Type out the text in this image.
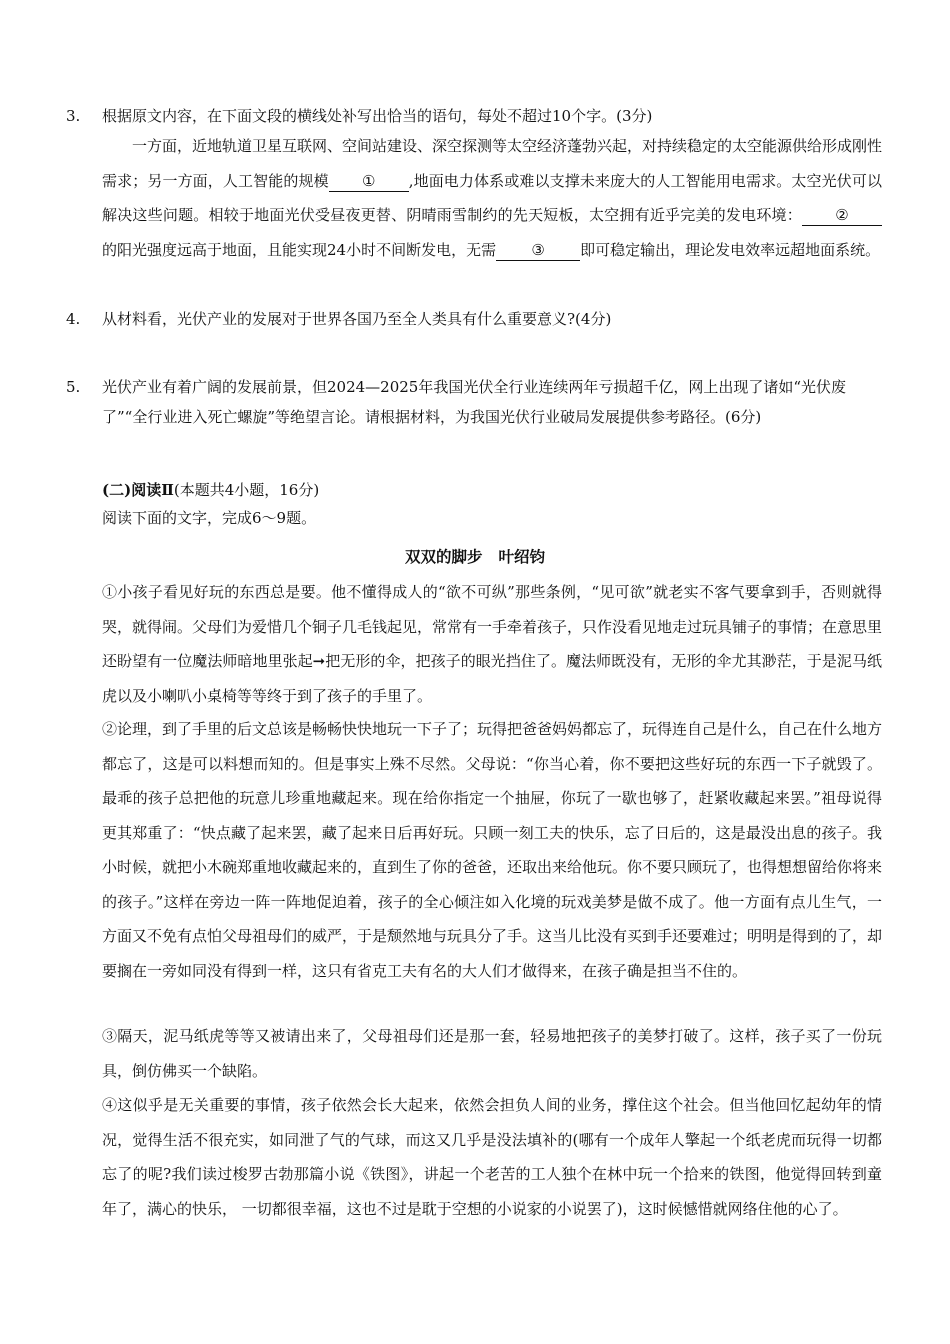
3.	根据原文内容，在下面文段的横线处补写出恰当的语句，每处不超过10个字。(3分)
一方面，近地轨道卫星互联网、空间站建设、深空探测等太空经济蓬勃兴起，对持续稳定的太空能源供给形成刚性需求；另一方面，人工智能的规模 ① ,地面电力体系或难以支撑未来庞大的人工智能用电需求。太空光伏可以解决这些问题。相较于地面光伏受昼夜更替、阴晴雨雪制约的先天短板，太空拥有近乎完美的发电环境： ②的阳光强度远高于地面，且能实现24小时不间断发电，无需 ③ 即可稳定输出，理论发电效率远超地面系统。
4.	从材料看，光伏产业的发展对于世界各国乃至全人类具有什么重要意义?(4分)
5.	光伏产业有着广阔的发展前景，但2024—2025年我国光伏全行业连续两年亏损超千亿，网上出现了诸如“光伏废了”“全行业进入死亡螺旋”等绝望言论。请根据材料，为我国光伏行业破局发展提供参考路径。(6分)
(二)阅读Ⅱ(本题共4小题，16分)
阅读下面的文字，完成6～9题。
双双的脚步 叶绍钧
①小孩子看见好玩的东西总是要。他不懂得成人的“欲不可纵”那些条例，“见可欲”就老实不客气要拿到手，否则就得哭，就得闹。父母们为爱惜几个铜子几毛钱起见，常常有一手牵着孩子，只作没看见地走过玩具铺子的事情；在意思里还盼望有一位魔法师暗地里张起➞把无形的伞，把孩子的眼光挡住了。魔法师既没有，无形的伞尤其渺茫，于是泥马纸虎以及小喇叭小桌椅等等终于到了孩子的手里了。
②论理，到了手里的后文总该是畅畅快快地玩一下子了；玩得把爸爸妈妈都忘了，玩得连自己是什么，自己在什么地方都忘了，这是可以料想而知的。但是事实上殊不尽然。父母说：“你当心着，你不要把这些好玩的东西一下子就毁了。最乖的孩子总把他的玩意儿珍重地藏起来。现在给你指定一个抽屉，你玩了一歇也够了，赶紧收藏起来罢。”祖母说得更其郑重了：“快点藏了起来罢，藏了起来日后再好玩。只顾一刻工夫的快乐，忘了日后的，这是最没出息的孩子。我小时候，就把小木碗郑重地收藏起来的，直到生了你的爸爸，还取出来给他玩。你不要只顾玩了，也得想想留给你将来的孩子。”这样在旁边一阵一阵地促迫着，孩子的全心倾注如入化境的玩戏美梦是做不成了。他一方面有点儿生气，一方面又不免有点怕父母祖母们的威严，于是颓然地与玩具分了手。这当儿比没有买到手还要难过；明明是得到的了，却要搁在一旁如同没有得到一样，这只有省克工夫有名的大人们才做得来，在孩子确是担当不住的。
③隔天，泥马纸虎等等又被请出来了，父母祖母们还是那一套，轻易地把孩子的美梦打破了。这样，孩子买了一份玩具，倒仿佛买一个缺陷。
④这似乎是无关重要的事情，孩子依然会长大起来，依然会担负人间的业务，撑住这个社会。但当他回忆起幼年的情况，觉得生活不很充实，如同泄了气的气球，而这又几乎是没法填补的(哪有一个成年人擎起一个纸老虎而玩得一切都忘了的呢?我们读过梭罗古勃那篇小说《铁图》，讲起一个老苦的工人独个在林中玩一个拾来的铁图，他觉得回转到童年了，满心的快乐， 一切都很幸福，这也不过是耽于空想的小说家的小说罢了)，这时候憾惜就网络住他的心了。
